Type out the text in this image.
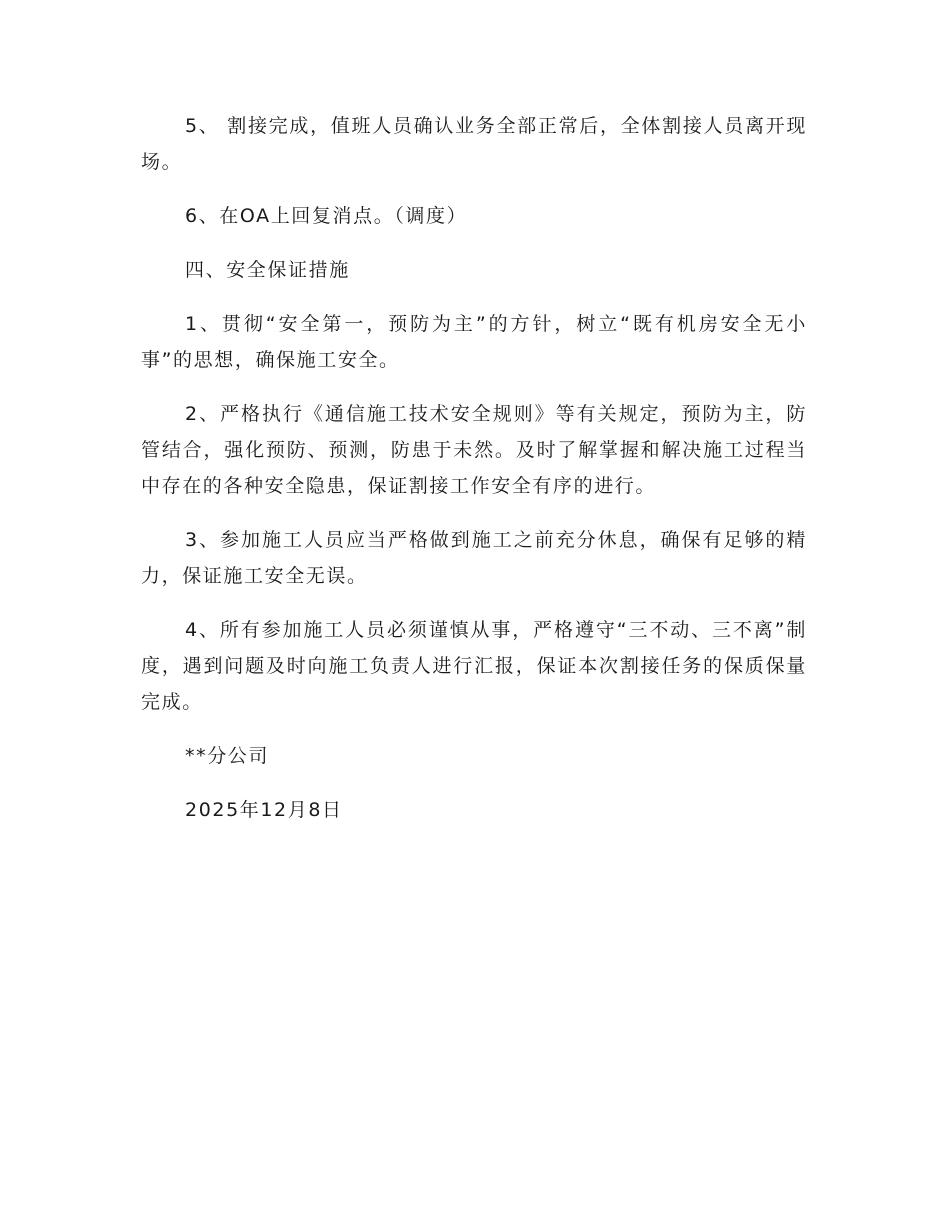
5、 割接完成，值班人员确认业务全部正常后，全体割接人员离开现场。

6、在OA上回复消点。（调度）

四、安全保证措施

1、贯彻“安全第一，预防为主”的方针，树立“既有机房安全无小事”的思想，确保施工安全。

2、严格执行《通信施工技术安全规则》等有关规定，预防为主，防管结合，强化预防、预测，防患于未然。及时了解掌握和解决施工过程当中存在的各种安全隐患，保证割接工作安全有序的进行。

3、参加施工人员应当严格做到施工之前充分休息，确保有足够的精力，保证施工安全无误。

4、所有参加施工人员必须谨慎从事，严格遵守“三不动、三不离”制度，遇到问题及时向施工负责人进行汇报，保证本次割接任务的保质保量完成。

**分公司

2025年12月8日
